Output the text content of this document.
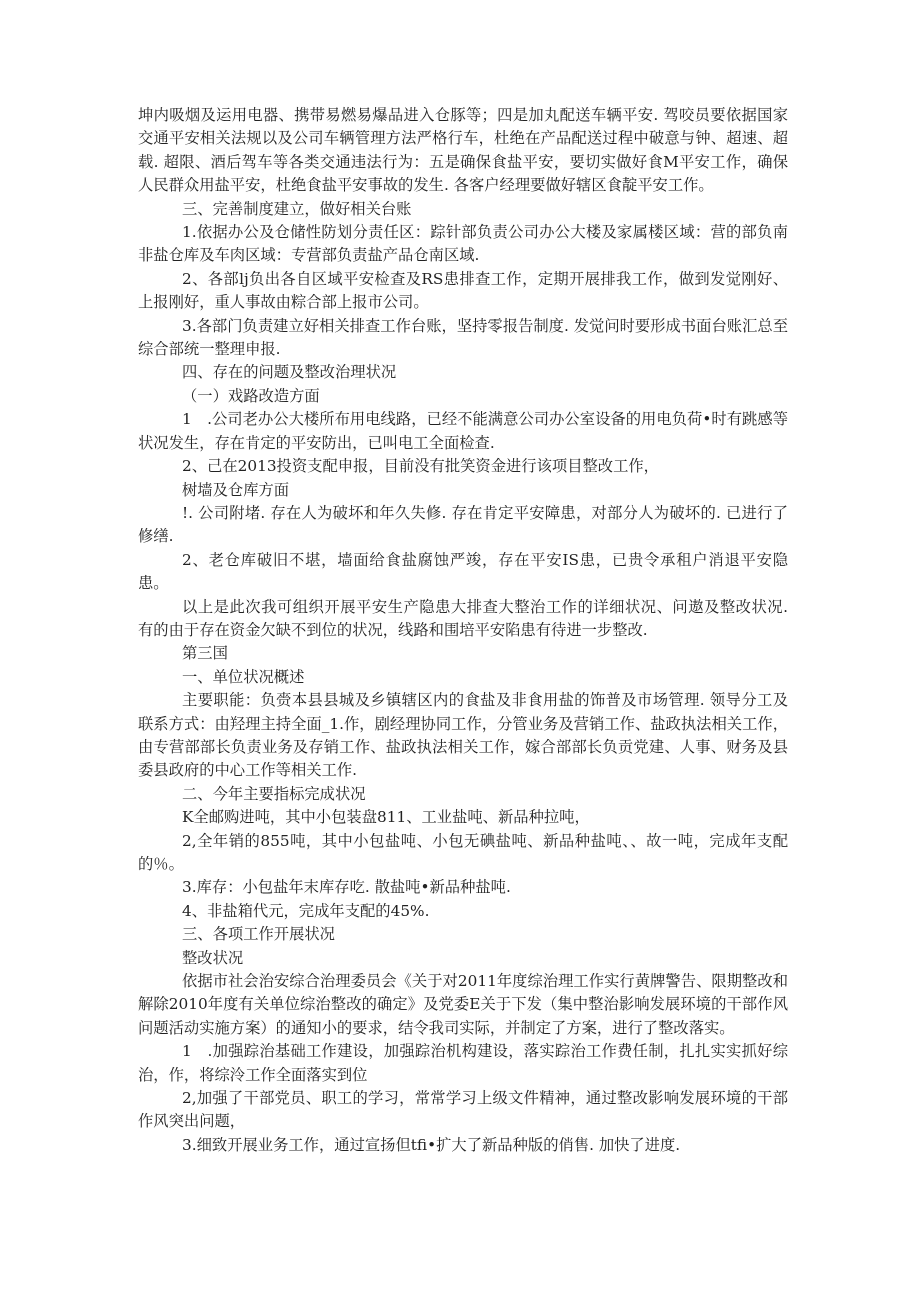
坤内吸烟及运用电器、携带易燃易爆品进入仓豚等；四是加丸配送车辆平安. 驾咬员要依据国家交通平安相关法规以及公司车辆管理方法严格行车，杜绝在产品配送过程中破意与钟、超速、超载. 超限、酒后驾车等各类交通违法行为：五是确保食盐平安，要切实做好食M平安工作，确保人民群众用盐平安，杜绝食盐平安事故的发生. 各客户经理要做好辖区食靛平安工作。

三、完善制度建立，做好相关台账

1.依据办公及仓储性防划分责任区：踪针部负责公司办公大楼及家属楼区域：营的部负南非盐仓库及车肉区域：专营部负责盐产品仓南区域.

2、各部lj负出各自区域平安检查及RS患排查工作，定期开展排我工作，做到发觉刚好、上报刚好，重人事故由粽合部上报市公司。

3.各部门负责建立好相关排查工作台账，坚持零报告制度. 发觉问时要形成书面台账汇总至综合部统一整理申报.

四、存在的问题及整改治理状况

（一）戏路改造方面

1　.公司老办公大楼所布用电线路，已经不能满意公司办公室设备的用电负荷•时有跳感等状况发生，存在肯定的平安防出，已叫电工全面检查.

2、己在2013投资支配申报，目前没有批笑资金进行该项目整改工作，

树墙及仓库方面

!. 公司附堵. 存在人为破坏和年久失修. 存在肯定平安障患，对部分人为破坏的. 已进行了修缮.

2、老仓库破旧不堪，墙面给食盐腐蚀严竣，存在平安IS患，已贵令承租户消退平安隐患。

以上是此次我可组织开展平安生产隐患大排查大整治工作的详细状况、问遨及整改状况. 有的由于存在资金欠缺不到位的状况，线路和围培平安陷患有待进一步整改.

第三国

一、单位状况概述

主要职能：负赍本县县城及乡镇辖区内的食盐及非食用盐的饰普及市场管理. 领导分工及联系方式：由羟理主持全面_1.作，剧经理协同工作，分管业务及营销工作、盐政执法相关工作，由专营部部长负责业务及存销工作、盐政执法相关工作，嫁合部部长负贡党建、人事、财务及县委县政府的中心工作等相关工作.

二、今年主要指标完成状况

K全邮购进吨，其中小包装盘811、工业盐吨、新品种拉吨，

2,全年销的855吨，其中小包盐吨、小包无碘盐吨、新品种盐吨、、故一吨，完成年支配的％。

3.库存：小包盐年末库存吃. 散盐吨•新品种盐吨.

4、非盐箱代元，完成年支配的45%.

三、各项工作开展状况

整改状况

依据市社会治安综合治理委员会《关于对2011年度综治理工作实行黄牌警告、限期整改和解除2010年度有关单位综治整改的确定》及党委E关于下发（集中整治影响发展环境的干部作风问题活动实施方案）的通知小的要求，结令我司实际，并制定了方案，进行了整改落实。

1　.加强踪治基础工作建设，加强踪治机构建设，落实踪治工作费任制，扎扎实实抓好综治，作，将综泠工作全面落实到位

2,加强了干部党员、职工的学习，常常学习上级文件精神，通过整改影响发展环境的干部作风突出问题，

3.细致开展业务工作，通过宣扬但tfi•扩大了新品种版的俏售. 加快了进度.
